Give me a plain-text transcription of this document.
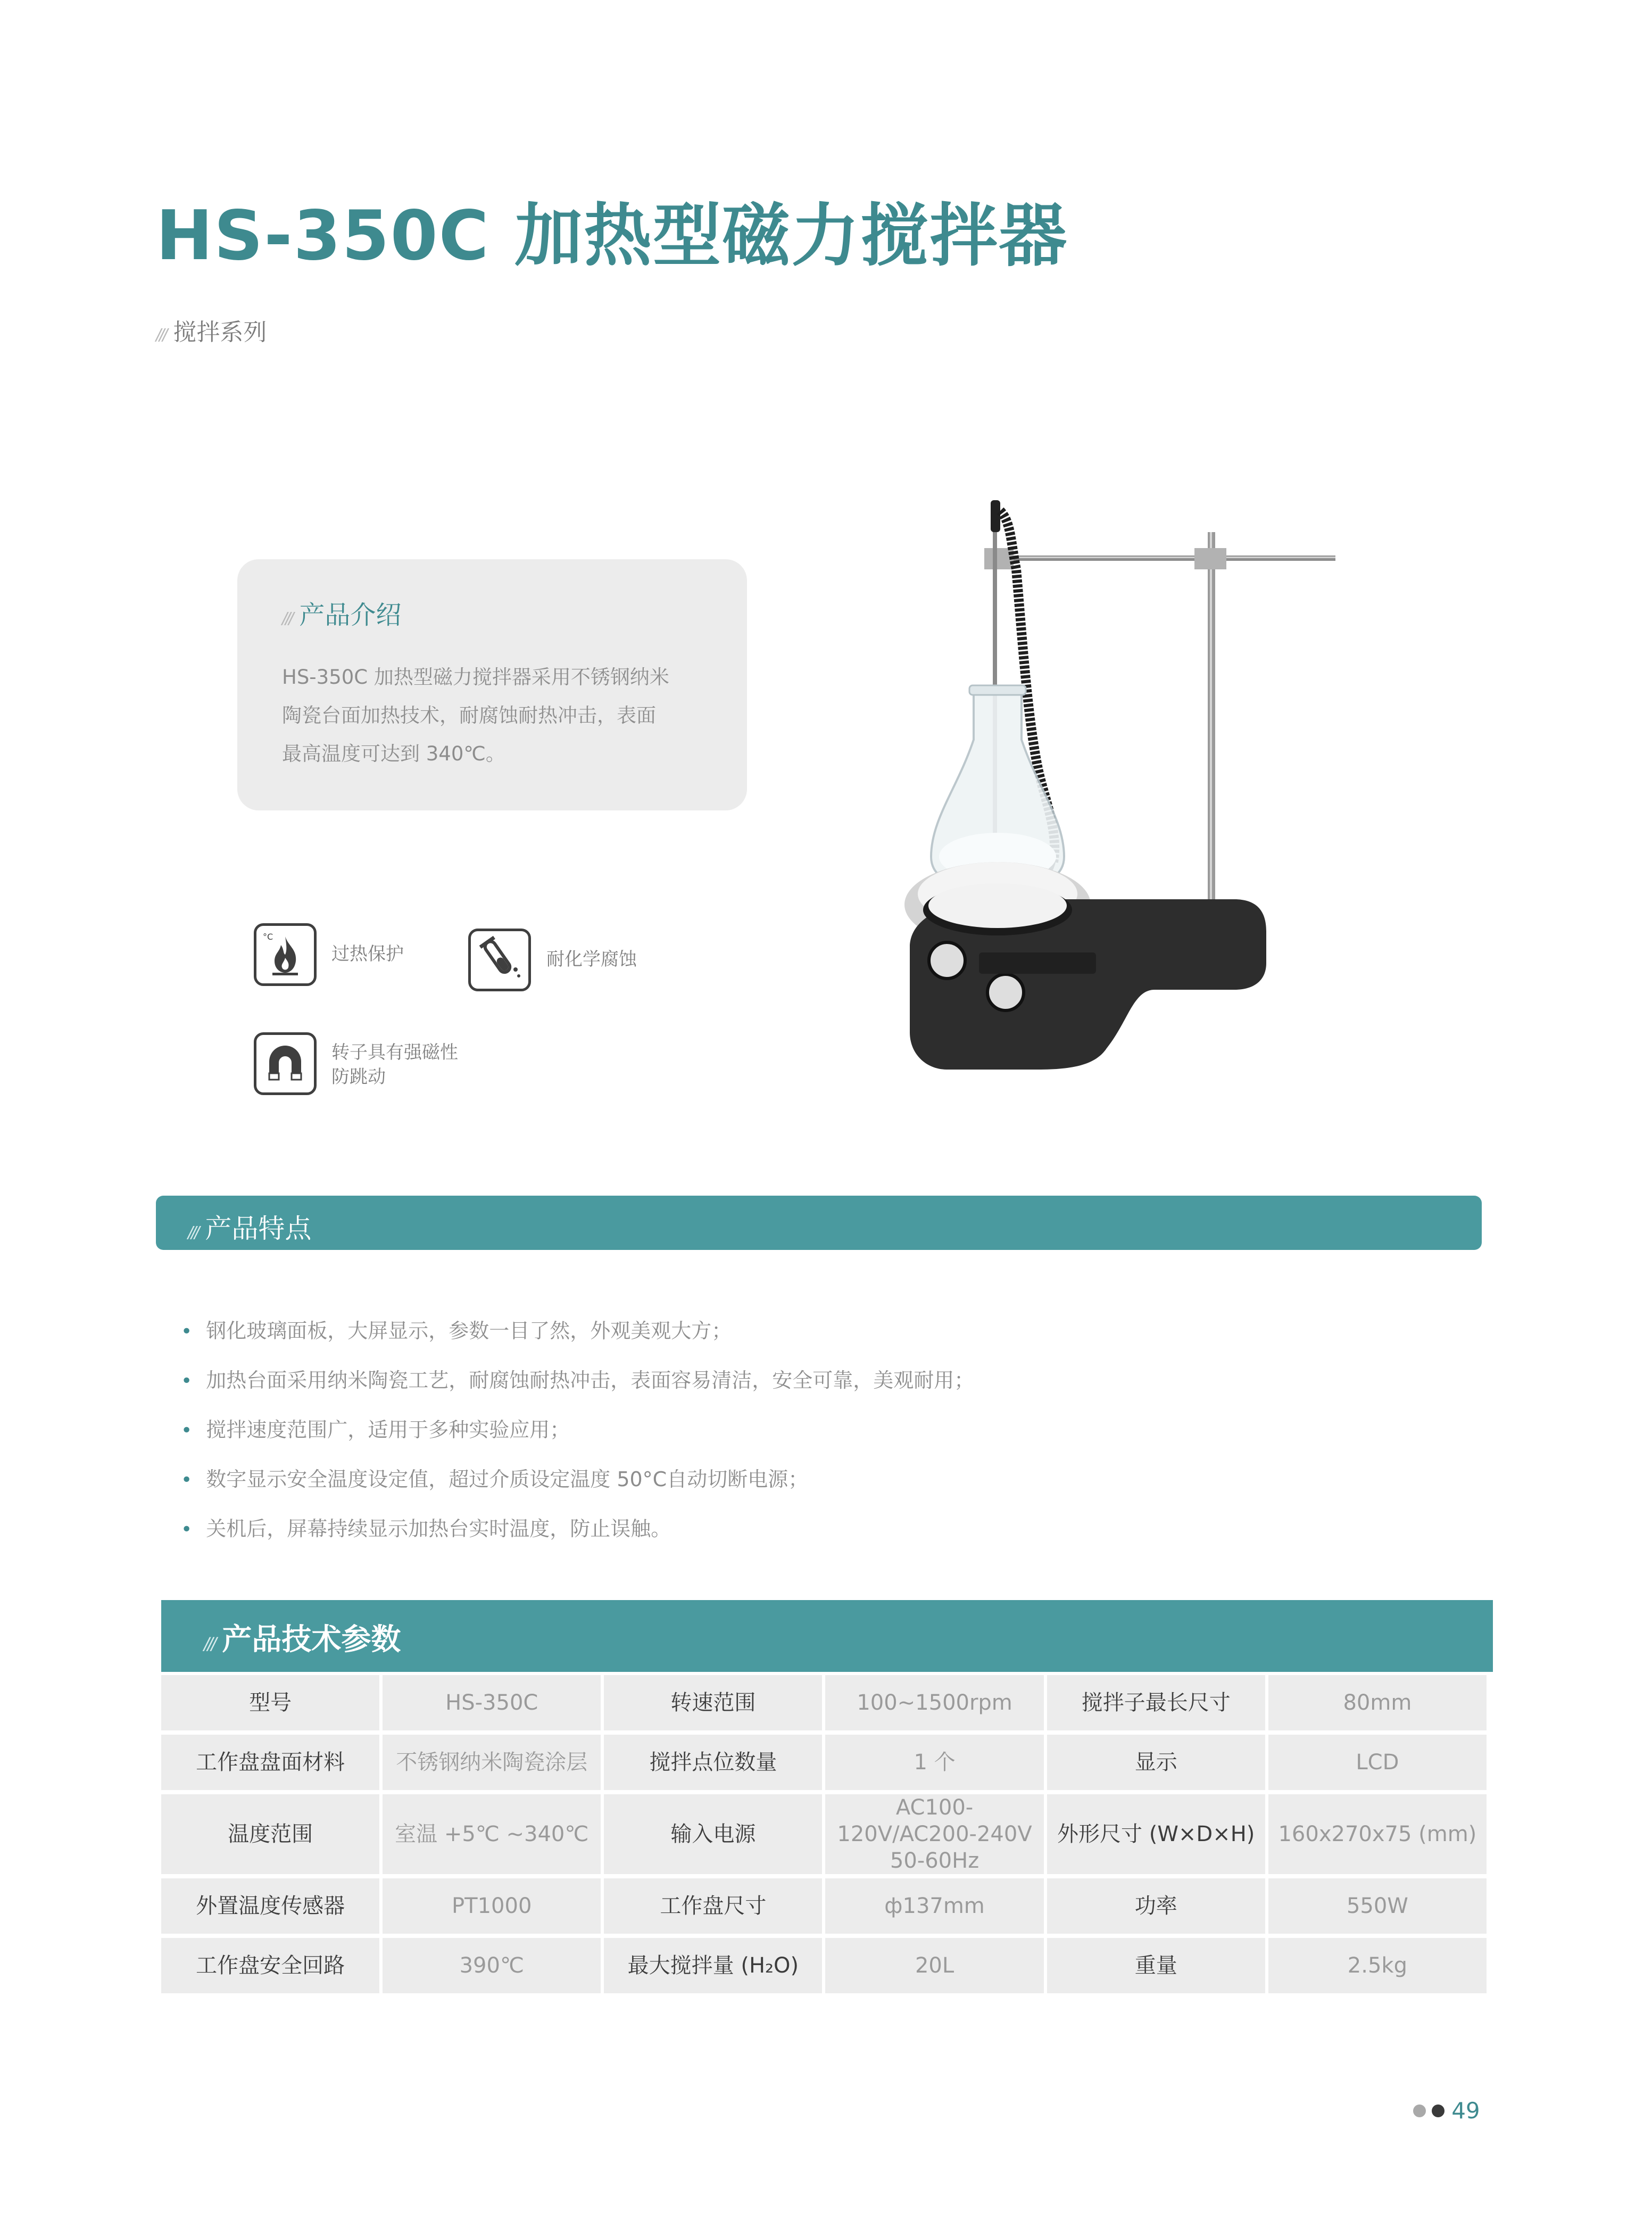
HS-350C 加热型磁力搅拌器
/// 搅拌系列
/// 产品介绍
HS-350C 加热型磁力搅拌器采用不锈钢纳米
陶瓷台面加热技术，耐腐蚀耐热冲击，表面
最高温度可达到 340℃。
°C
过热保护	耐化学腐蚀
转子具有强磁性
防跳动
/// 产品特点
• 钢化玻璃面板，大屏显示，参数一目了然，外观美观大方；
• 加热台面采用纳米陶瓷工艺，耐腐蚀耐热冲击，表面容易清洁，安全可靠，美观耐用；
• 搅拌速度范围广，适用于多种实验应用；
• 数字显示安全温度设定值，超过介质设定温度 50°C自动切断电源；
• 关机后，屏幕持续显示加热台实时温度，防止误触。
/// 产品技术参数
型号	HS-350C	转速范围	100~1500rpm	搅拌子最长尺寸	80mm
工作盘盘面材料	不锈钢纳米陶瓷涂层	搅拌点位数量	1 个	显示	LCD
温度范围	室温 +5℃ ~340℃	输入电源	AC100-120V/AC200-240V 50-60Hz	外形尺寸 (W×D×H)	160x270x75 (mm)
外置温度传感器	PT1000	工作盘尺寸	ф137mm	功率	550W
工作盘安全回路	390℃	最大搅拌量 (H₂O)	20L	重量	2.5kg
49
